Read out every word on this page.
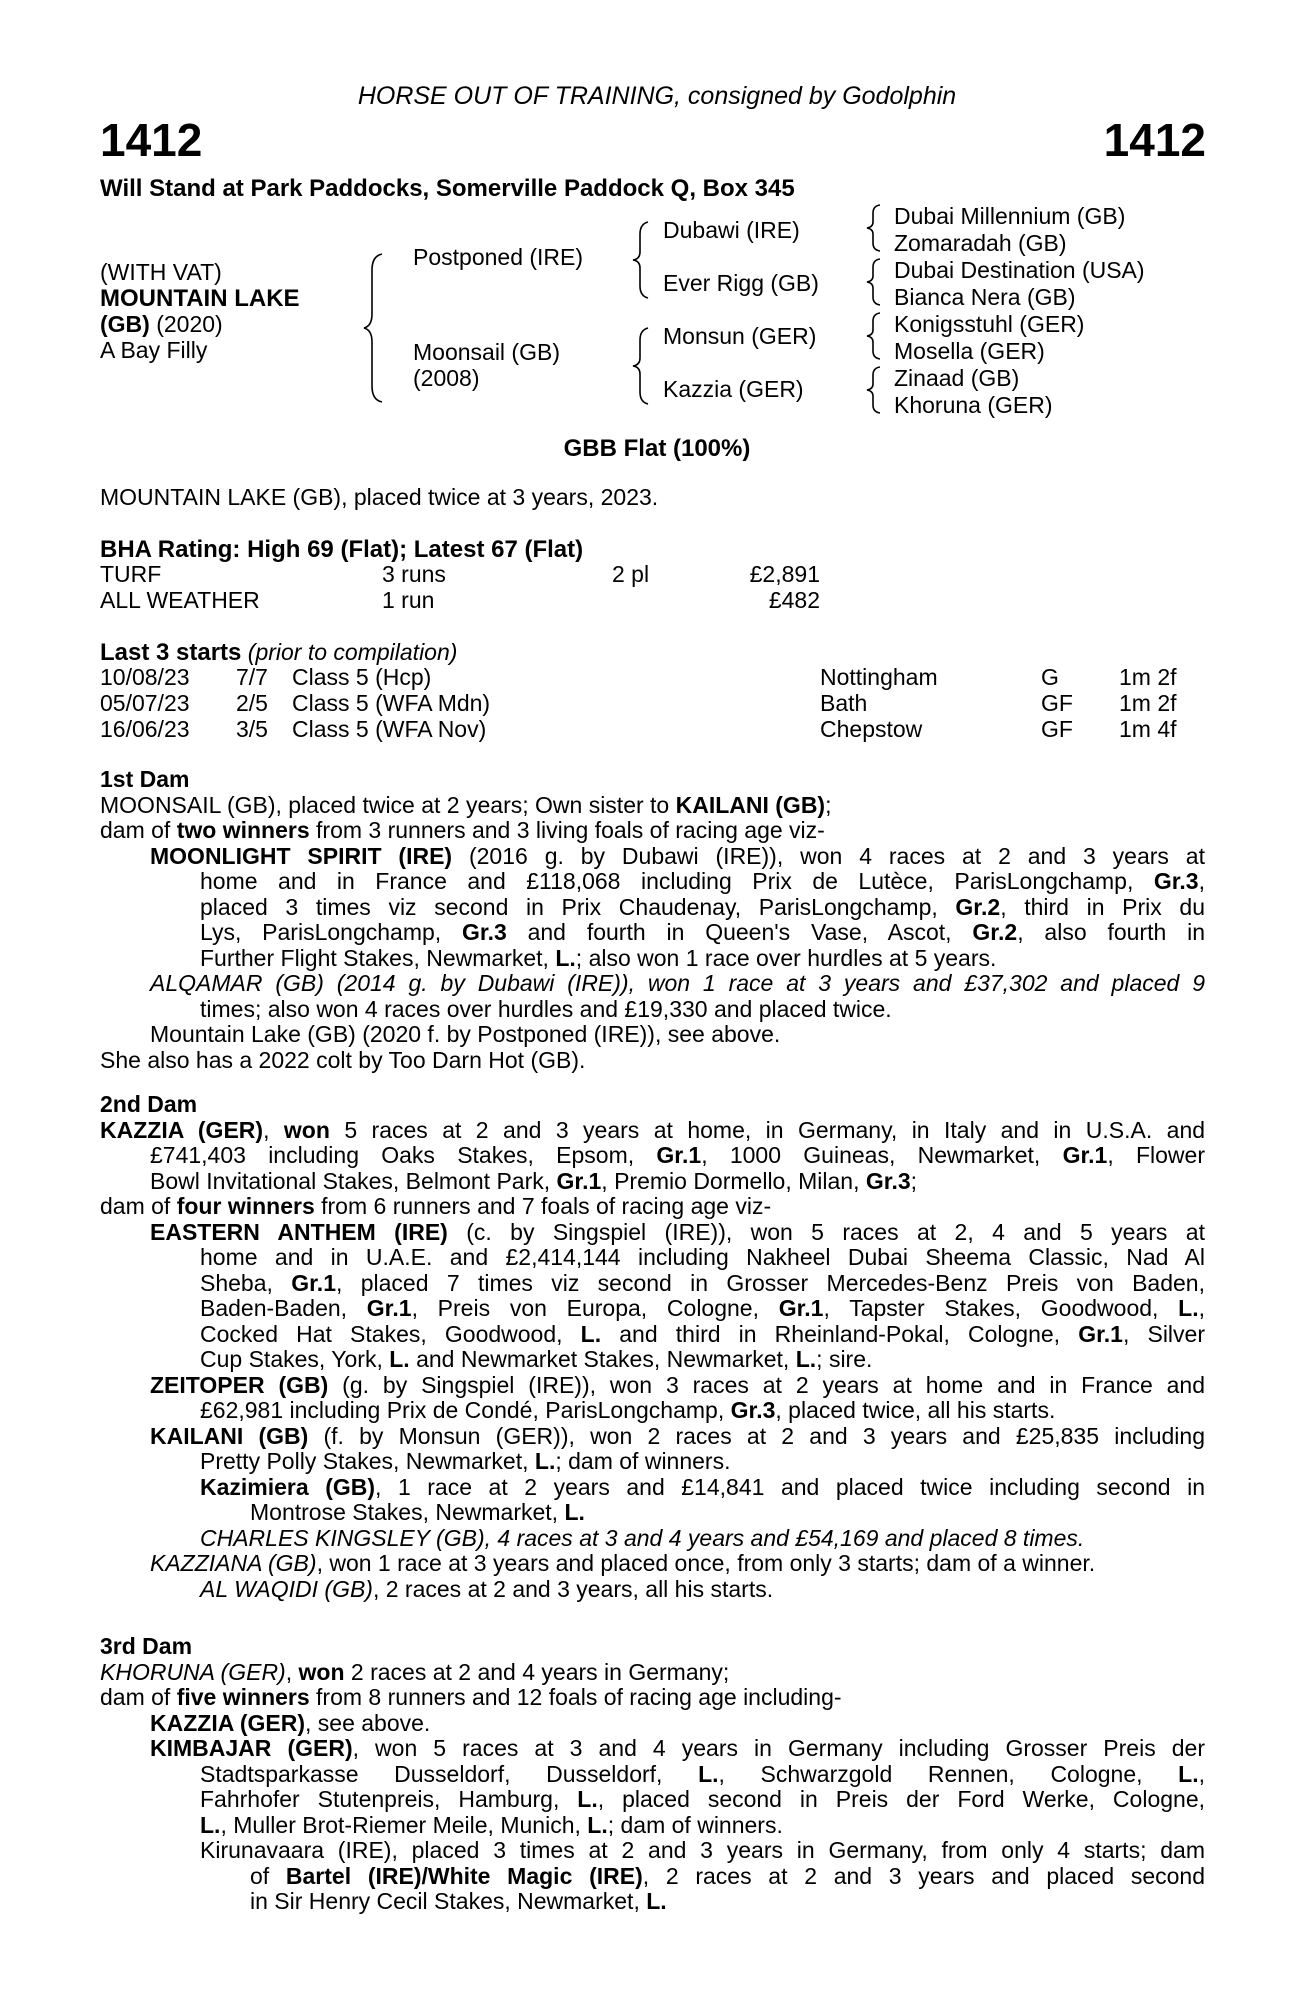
HORSE OUT OF TRAINING, consigned by Godolphin
1412	1412
Will Stand at Park Paddocks, Somerville Paddock Q, Box 345
(WITH VAT)
MOUNTAIN LAKE
(GB) (2020)
A Bay Filly
Postponed (IRE)
Moonsail (GB)
(2008)
Dubawi (IRE)
Ever Rigg (GB)
Monsun (GER)
Kazzia (GER)
Dubai Millennium (GB)
Zomaradah (GB)
Dubai Destination (USA)
Bianca Nera (GB)
Konigsstuhl (GER)
Mosella (GER)
Zinaad (GB)
Khoruna (GER)
GBB Flat (100%)
MOUNTAIN LAKE (GB), placed twice at 3 years, 2023.
BHA Rating: High 69 (Flat); Latest 67 (Flat)
TURF	3 runs	2 pl	£2,891
ALL WEATHER	1 run	£482
Last 3 starts (prior to compilation)
10/08/23 7/7 Class 5 (Hcp)	Nottingham	G	1m 2f
05/07/23 2/5 Class 5 (WFA Mdn)	Bath	GF 1m 2f
16/06/23 3/5 Class 5 (WFA Nov)	Chepstow	GF 1m 4f
1st Dam
MOONSAIL (GB), placed twice at 2 years; Own sister to KAILANI (GB);
dam of two winners from 3 runners and 3 living foals of racing age viz-
MOONLIGHT SPIRIT (IRE) (2016 g. by Dubawi (IRE)), won 4 races at 2 and 3 years at
home and in France and £118,068 including Prix de Lutèce, ParisLongchamp, Gr.3,
placed 3 times viz second in Prix Chaudenay, ParisLongchamp, Gr.2, third in Prix du
Lys, ParisLongchamp, Gr.3 and fourth in Queen's Vase, Ascot, Gr.2, also fourth in
Further Flight Stakes, Newmarket, L.; also won 1 race over hurdles at 5 years.
ALQAMAR (GB) (2014 g. by Dubawi (IRE)), won 1 race at 3 years and £37,302 and placed 9
times; also won 4 races over hurdles and £19,330 and placed twice.
Mountain Lake (GB) (2020 f. by Postponed (IRE)), see above.
She also has a 2022 colt by Too Darn Hot (GB).
2nd Dam
KAZZIA (GER), won 5 races at 2 and 3 years at home, in Germany, in Italy and in U.S.A. and
£741,403 including Oaks Stakes, Epsom, Gr.1, 1000 Guineas, Newmarket, Gr.1, Flower
Bowl Invitational Stakes, Belmont Park, Gr.1, Premio Dormello, Milan, Gr.3;
dam of four winners from 6 runners and 7 foals of racing age viz-
EASTERN ANTHEM (IRE) (c. by Singspiel (IRE)), won 5 races at 2, 4 and 5 years at
home and in U.A.E. and £2,414,144 including Nakheel Dubai Sheema Classic, Nad Al
Sheba, Gr.1, placed 7 times viz second in Grosser Mercedes-Benz Preis von Baden,
Baden-Baden, Gr.1, Preis von Europa, Cologne, Gr.1, Tapster Stakes, Goodwood, L.,
Cocked Hat Stakes, Goodwood, L. and third in Rheinland-Pokal, Cologne, Gr.1, Silver
Cup Stakes, York, L. and Newmarket Stakes, Newmarket, L.; sire.
ZEITOPER (GB) (g. by Singspiel (IRE)), won 3 races at 2 years at home and in France and
£62,981 including Prix de Condé, ParisLongchamp, Gr.3, placed twice, all his starts.
KAILANI (GB) (f. by Monsun (GER)), won 2 races at 2 and 3 years and £25,835 including
Pretty Polly Stakes, Newmarket, L.; dam of winners.
Kazimiera (GB), 1 race at 2 years and £14,841 and placed twice including second in
Montrose Stakes, Newmarket, L.
CHARLES KINGSLEY (GB), 4 races at 3 and 4 years and £54,169 and placed 8 times.
KAZZIANA (GB), won 1 race at 3 years and placed once, from only 3 starts; dam of a winner.
AL WAQIDI (GB), 2 races at 2 and 3 years, all his starts.
3rd Dam
KHORUNA (GER), won 2 races at 2 and 4 years in Germany;
dam of five winners from 8 runners and 12 foals of racing age including-
KAZZIA (GER), see above.
KIMBAJAR (GER), won 5 races at 3 and 4 years in Germany including Grosser Preis der
Stadtsparkasse Dusseldorf, Dusseldorf, L., Schwarzgold Rennen, Cologne, L.,
Fahrhofer Stutenpreis, Hamburg, L., placed second in Preis der Ford Werke, Cologne,
L., Muller Brot-Riemer Meile, Munich, L.; dam of winners.
Kirunavaara (IRE), placed 3 times at 2 and 3 years in Germany, from only 4 starts; dam
of Bartel (IRE)/White Magic (IRE), 2 races at 2 and 3 years and placed second
in Sir Henry Cecil Stakes, Newmarket, L.
